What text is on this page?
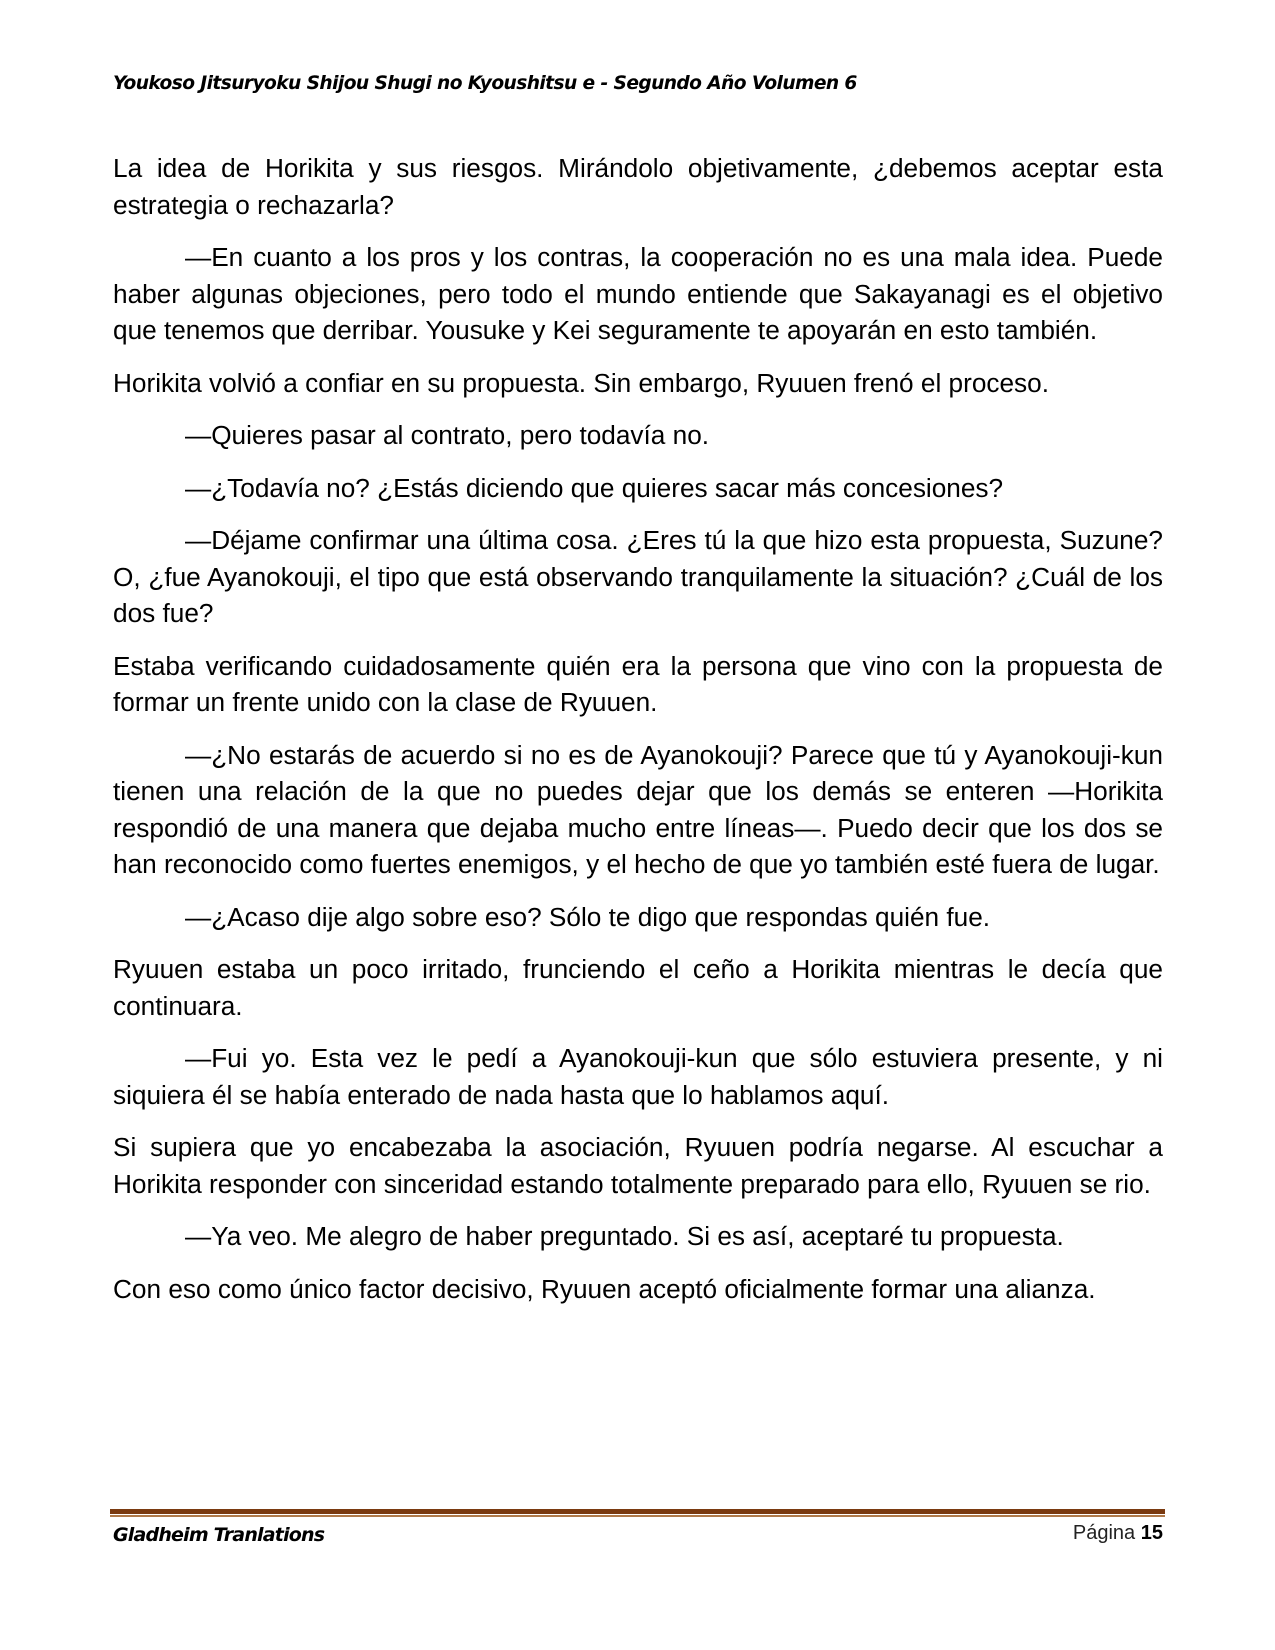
Youkoso Jitsuryoku Shijou Shugi no Kyoushitsu e - Segundo Año Volumen 6

La idea de Horikita y sus riesgos. Mirándolo objetivamente, ¿debemos aceptar esta estrategia o rechazarla?

—En cuanto a los pros y los contras, la cooperación no es una mala idea. Puede haber algunas objeciones, pero todo el mundo entiende que Sakayanagi es el objetivo que tenemos que derribar. Yousuke y Kei seguramente te apoyarán en esto también.

Horikita volvió a confiar en su propuesta. Sin embargo, Ryuuen frenó el proceso.

—Quieres pasar al contrato, pero todavía no.

—¿Todavía no? ¿Estás diciendo que quieres sacar más concesiones?

—Déjame confirmar una última cosa. ¿Eres tú la que hizo esta propuesta, Suzune? O, ¿fue Ayanokouji, el tipo que está observando tranquilamente la situación? ¿Cuál de los dos fue?

Estaba verificando cuidadosamente quién era la persona que vino con la propuesta de formar un frente unido con la clase de Ryuuen.

—¿No estarás de acuerdo si no es de Ayanokouji? Parece que tú y Ayanokouji-kun tienen una relación de la que no puedes dejar que los demás se enteren —Horikita respondió de una manera que dejaba mucho entre líneas—. Puedo decir que los dos se han reconocido como fuertes enemigos, y el hecho de que yo también esté fuera de lugar.

—¿Acaso dije algo sobre eso? Sólo te digo que respondas quién fue.

Ryuuen estaba un poco irritado, frunciendo el ceño a Horikita mientras le decía que continuara.

—Fui yo. Esta vez le pedí a Ayanokouji-kun que sólo estuviera presente, y ni siquiera él se había enterado de nada hasta que lo hablamos aquí.

Si supiera que yo encabezaba la asociación, Ryuuen podría negarse. Al escuchar a Horikita responder con sinceridad estando totalmente preparado para ello, Ryuuen se rio.

—Ya veo. Me alegro de haber preguntado. Si es así, aceptaré tu propuesta.

Con eso como único factor decisivo, Ryuuen aceptó oficialmente formar una alianza.

Gladheim Tranlations	Página 15
